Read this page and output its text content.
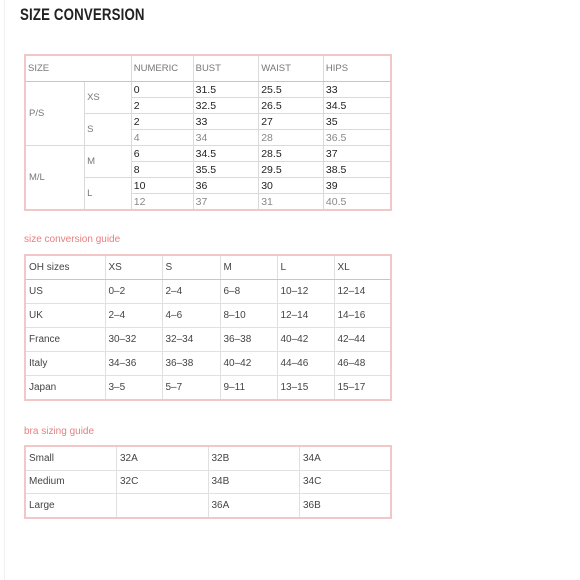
SIZE CONVERSION
SIZE		NUMERIC	BUST	WAIST	HIPS
P/S	XS	0	31.5	25.5	33
		2	32.5	26.5	34.5
	S	2	33	27	35
		4	34	28	36.5
M/L	M	6	34.5	28.5	37
		8	35.5	29.5	38.5
	L	10	36	30	39
		12	37	31	40.5
size conversion guide
OH sizes	XS	S	M	L	XL
US	0–2	2–4	6–8	10–12	12–14
UK	2–4	4–6	8–10	12–14	14–16
France	30–32	32–34	36–38	40–42	42–44
Italy	34–36	36–38	40–42	44–46	46–48
Japan	3–5	5–7	9–11	13–15	15–17
bra sizing guide
Small	32A	32B	34A
Medium	32C	34B	34C
Large		36A	36B
